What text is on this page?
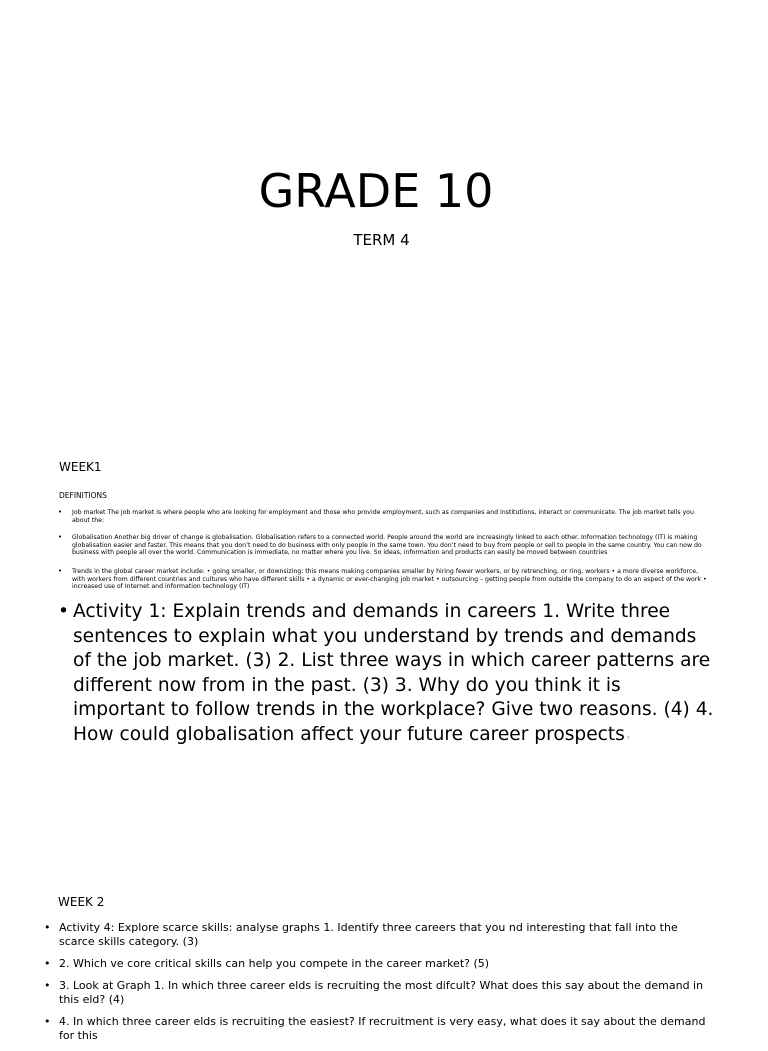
GRADE 10

TERM 4

WEEK1
DEFINITIONS
• Job market The job market is where people who are looking for employment and those who provide employment, such as companies and institutions, interact or communicate. The job market tells you about the:
• Globalisation Another big driver of change is globalisation. Globalisation refers to a connected world. People around the world are increasingly linked to each other. Information technology (IT) is making globalisation easier and faster. This means that you don’t need to do business with only people in the same town. You don’t need to buy from people or sell to people in the same country. You can now do business with people all over the world. Communication is immediate, no matter where you live. So ideas, information and products can easily be moved between countries
• Trends in the global career market include: • going smaller, or downsizing; this means making companies smaller by hiring fewer workers, or by retrenching, or ring, workers • a more diverse workforce, with workers from different countries and cultures who have different skills • a dynamic or ever-changing job market • outsourcing – getting people from outside the company to do an aspect of the work • increased use of Internet and information technology (IT)
• Activity 1: Explain trends and demands in careers 1. Write three sentences to explain what you understand by trends and demands of the job market. (3) 2. List three ways in which career patterns are different now from in the past. (3) 3. Why do you think it is important to follow trends in the workplace? Give two reasons. (4) 4. How could globalisation affect your future career prospects ?
WEEK 2
• Activity 4: Explore scarce skills: analyse graphs 1. Identify three careers that you nd interesting that fall into the scarce skills category. (3)
• 2. Which ve core critical skills can help you compete in the career market? (5)
• 3. Look at Graph 1. In which three career elds is recruiting the most difcult? What does this say about the demand in this eld? (4)
• 4. In which three career elds is recruiting the easiest? If recruitment is very easy, what does it say about the demand for this
